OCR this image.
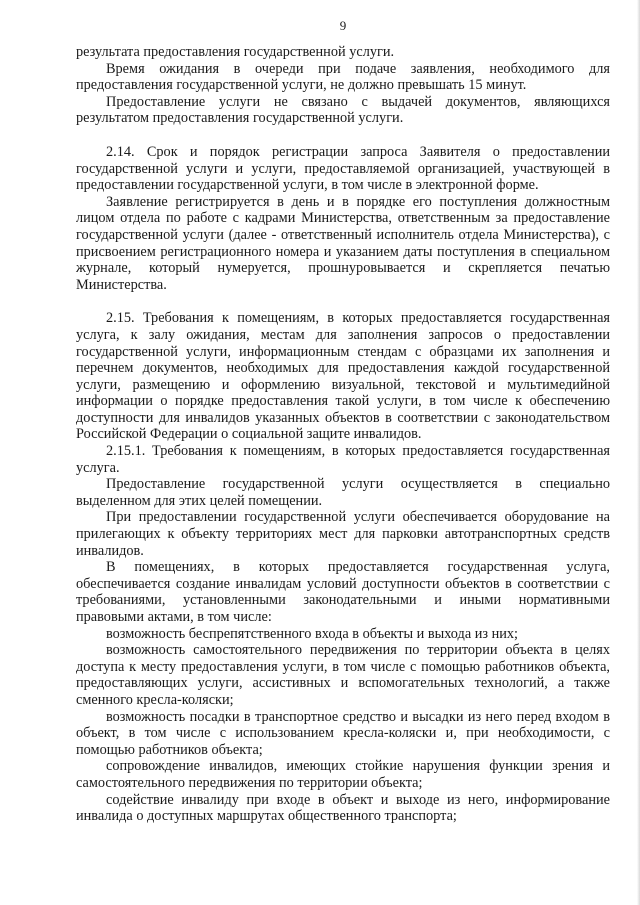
9

результата предоставления государственной услуги.

Время ожидания в очереди при подаче заявления, необходимого для предоставления государственной услуги, не должно превышать 15 минут.

Предоставление услуги не связано с выдачей документов, являющихся результатом предоставления государственной услуги.

2.14. Срок и порядок регистрации запроса Заявителя о предоставлении государственной услуги и услуги, предоставляемой организацией, участвующей в предоставлении государственной услуги, в том числе в электронной форме.

Заявление регистрируется в день и в порядке его поступления должностным лицом отдела по работе с кадрами Министерства, ответственным за предоставление государственной услуги (далее - ответственный исполнитель отдела Министерства), с присвоением регистрационного номера и указанием даты поступления в специальном журнале, который нумеруется, прошнуровывается и скрепляется печатью Министерства.

2.15. Требования к помещениям, в которых предоставляется государственная услуга, к залу ожидания, местам для заполнения запросов о предоставлении государственной услуги, информационным стендам с образцами их заполнения и перечнем документов, необходимых для предоставления каждой государственной услуги, размещению и оформлению визуальной, текстовой и мультимедийной информации о порядке предоставления такой услуги, в том числе к обеспечению доступности для инвалидов указанных объектов в соответствии с законодательством Российской Федерации о социальной защите инвалидов.

2.15.1. Требования к помещениям, в которых предоставляется государственная услуга.

Предоставление государственной услуги осуществляется в специально выделенном для этих целей помещении.

При предоставлении государственной услуги обеспечивается оборудование на прилегающих к объекту территориях мест для парковки автотранспортных средств инвалидов.

В помещениях, в которых предоставляется государственная услуга, обеспечивается создание инвалидам условий доступности объектов в соответствии с требованиями, установленными законодательными и иными нормативными правовыми актами, в том числе:

возможность беспрепятственного входа в объекты и выхода из них;

возможность самостоятельного передвижения по территории объекта в целях доступа к месту предоставления услуги, в том числе с помощью работников объекта, предоставляющих услуги, ассистивных и вспомогательных технологий, а также сменного кресла-коляски;

возможность посадки в транспортное средство и высадки из него перед входом в объект, в том числе с использованием кресла-коляски и, при необходимости, с помощью работников объекта;

сопровождение инвалидов, имеющих стойкие нарушения функции зрения и самостоятельного передвижения по территории объекта;

содействие инвалиду при входе в объект и выходе из него, информирование инвалида о доступных маршрутах общественного транспорта;
